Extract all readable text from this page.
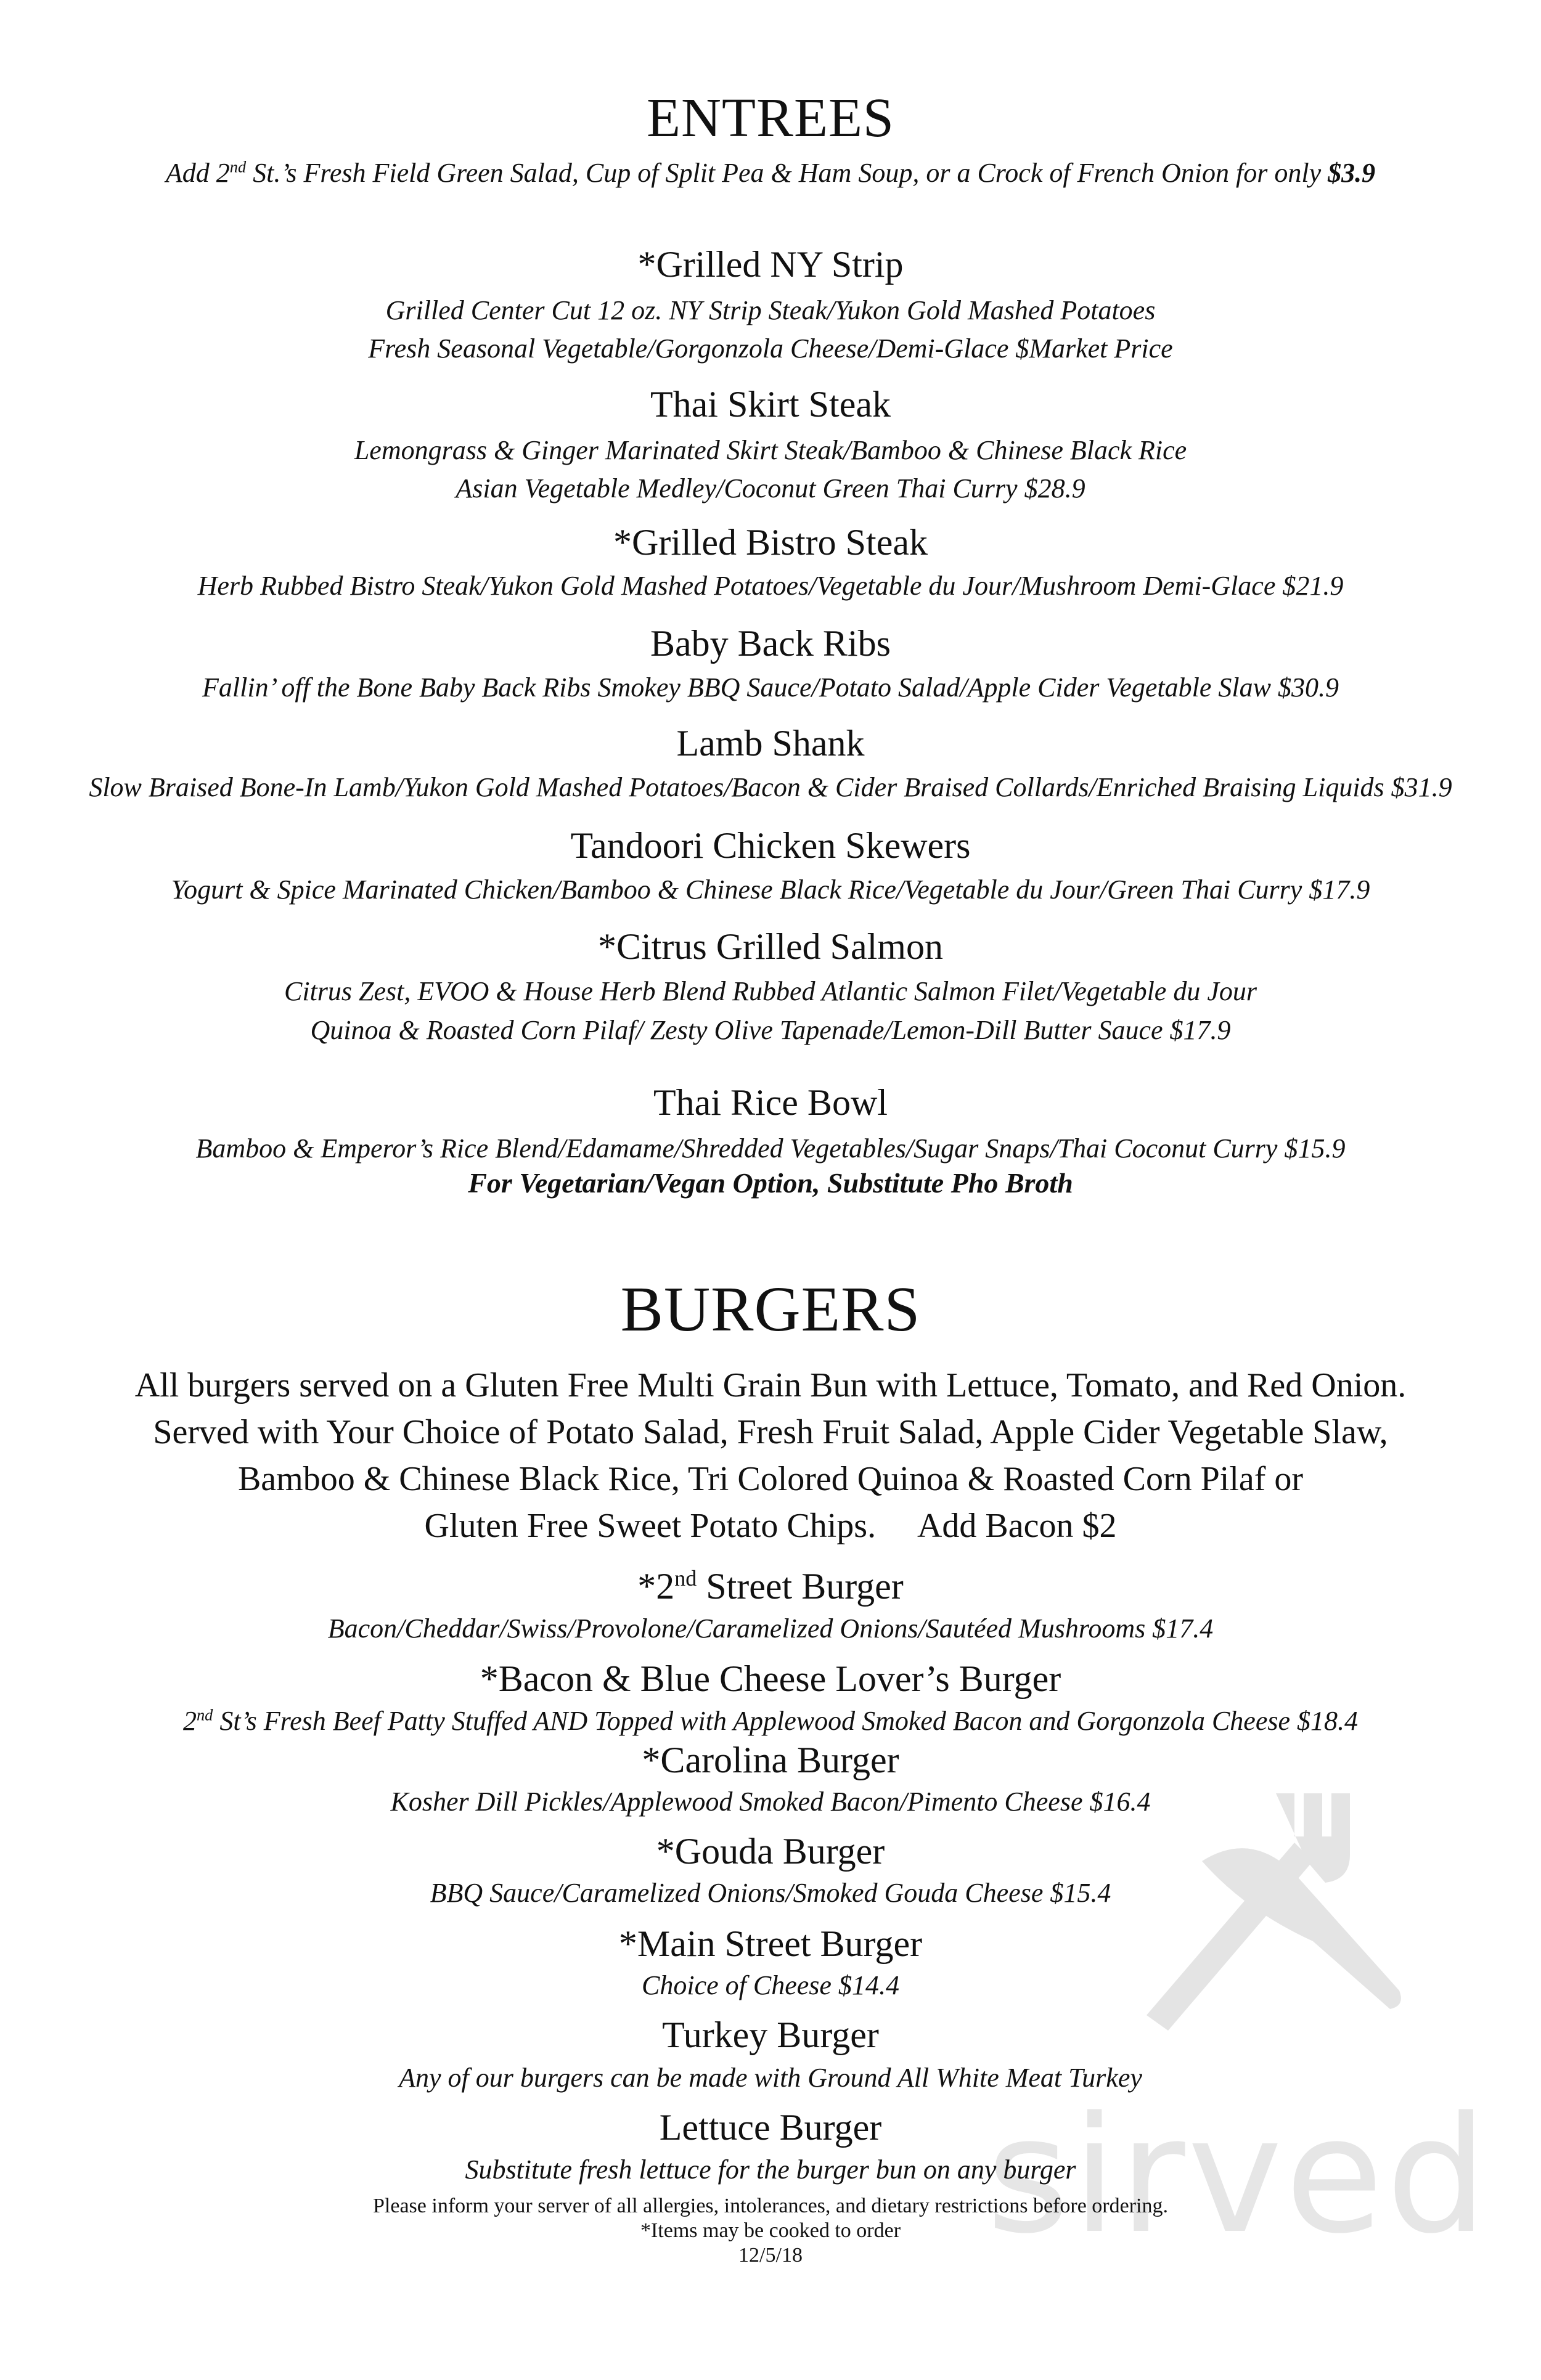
sirved
ENTREES
Add 2nd St.’s Fresh Field Green Salad, Cup of Split Pea & Ham Soup, or a Crock of French Onion for only $3.9
*Grilled NY Strip
Grilled Center Cut 12 oz. NY Strip Steak/Yukon Gold Mashed Potatoes
Fresh Seasonal Vegetable/Gorgonzola Cheese/Demi-Glace $Market Price
Thai Skirt Steak
Lemongrass & Ginger Marinated Skirt Steak/Bamboo & Chinese Black Rice
Asian Vegetable Medley/Coconut Green Thai Curry $28.9
*Grilled Bistro Steak
Herb Rubbed Bistro Steak/Yukon Gold Mashed Potatoes/Vegetable du Jour/Mushroom Demi-Glace $21.9
Baby Back Ribs
Fallin’ off the Bone Baby Back Ribs Smokey BBQ Sauce/Potato Salad/Apple Cider Vegetable Slaw $30.9
Lamb Shank
Slow Braised Bone-In Lamb/Yukon Gold Mashed Potatoes/Bacon & Cider Braised Collards/Enriched Braising Liquids $31.9
Tandoori Chicken Skewers
Yogurt & Spice Marinated Chicken/Bamboo & Chinese Black Rice/Vegetable du Jour/Green Thai Curry $17.9
*Citrus Grilled Salmon
Citrus Zest, EVOO & House Herb Blend Rubbed Atlantic Salmon Filet/Vegetable du Jour
Quinoa & Roasted Corn Pilaf/ Zesty Olive Tapenade/Lemon-Dill Butter Sauce $17.9
Thai Rice Bowl
Bamboo & Emperor’s Rice Blend/Edamame/Shredded Vegetables/Sugar Snaps/Thai Coconut Curry $15.9
For Vegetarian/Vegan Option, Substitute Pho Broth
BURGERS
All burgers served on a Gluten Free Multi Grain Bun with Lettuce, Tomato, and Red Onion.
Served with Your Choice of Potato Salad, Fresh Fruit Salad, Apple Cider Vegetable Slaw,
Bamboo & Chinese Black Rice, Tri Colored Quinoa & Roasted Corn Pilaf or
Gluten Free Sweet Potato Chips.     Add Bacon $2
*2nd Street Burger
Bacon/Cheddar/Swiss/Provolone/Caramelized Onions/Sautéed Mushrooms $17.4
*Bacon & Blue Cheese Lover’s Burger
2nd St’s Fresh Beef Patty Stuffed AND Topped with Applewood Smoked Bacon and Gorgonzola Cheese $18.4
*Carolina Burger
Kosher Dill Pickles/Applewood Smoked Bacon/Pimento Cheese $16.4
*Gouda Burger
BBQ Sauce/Caramelized Onions/Smoked Gouda Cheese $15.4
*Main Street Burger
Choice of Cheese $14.4
Turkey Burger
Any of our burgers can be made with Ground All White Meat Turkey
Lettuce Burger
Substitute fresh lettuce for the burger bun on any burger
Please inform your server of all allergies, intolerances, and dietary restrictions before ordering.
*Items may be cooked to order
12/5/18
